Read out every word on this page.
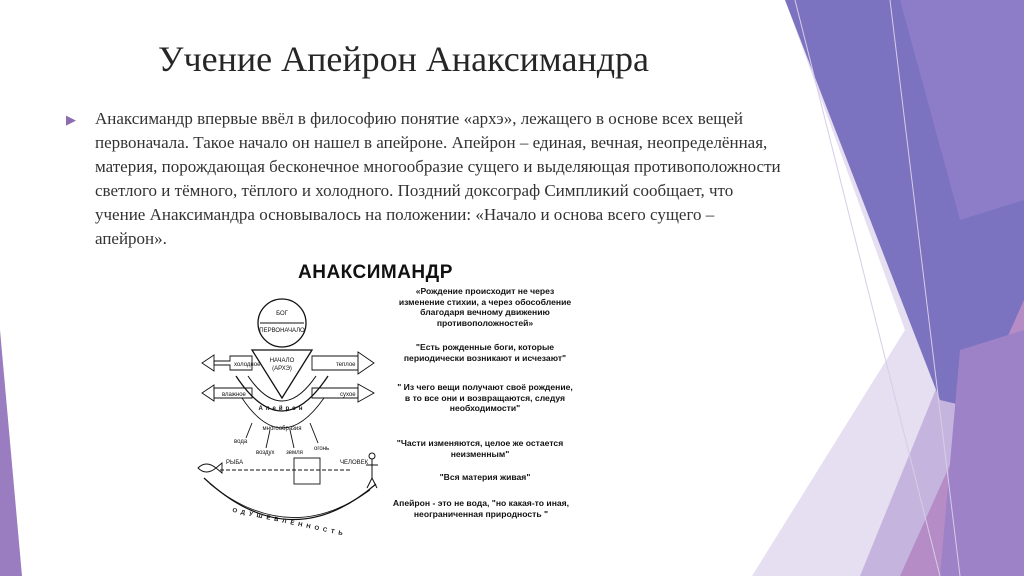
Учение Апейрон Анаксимандра
▶ Анаксимандр впервые ввёл в философию понятие «архэ», лежащего в основе всех вещей первоначала. Такое начало он нашел в апейроне. Апейрон – единая, вечная, неопределённая, материя, порождающая бесконечное многообразие сущего и выделяющая противоположности светлого и тёмного, тёплого и холодного. Поздний доксограф Симпликий сообщает, что учение Анаксимандра основывалось на положении: «Начало и основа всего сущего – апейрон».
АНАКСИМАНДР
БОГ
ПЕРВОНАЧАЛО
НАЧАЛО
(АРХЭ)
холодное
влажное
теплое
сухое
Апейрон
многообразия
вода
воздух земля
огонь
РЫБА	ЧЕЛОВЕК
ОДУШЕВЛЕННОСТЬ
«Рождение происходит не через изменение стихии, а через обособление благодаря вечному движению противоположностей»
"Есть рожденные боги, которые периодически возникают и исчезают"
" Из чего вещи получают своё рождение, в то все они и возвращаются, следуя необходимости"
"Части изменяются, целое же остается неизменным"
"Вся материя живая"
Апейрон - это не вода, "но какая-то иная, неограниченная природность "
